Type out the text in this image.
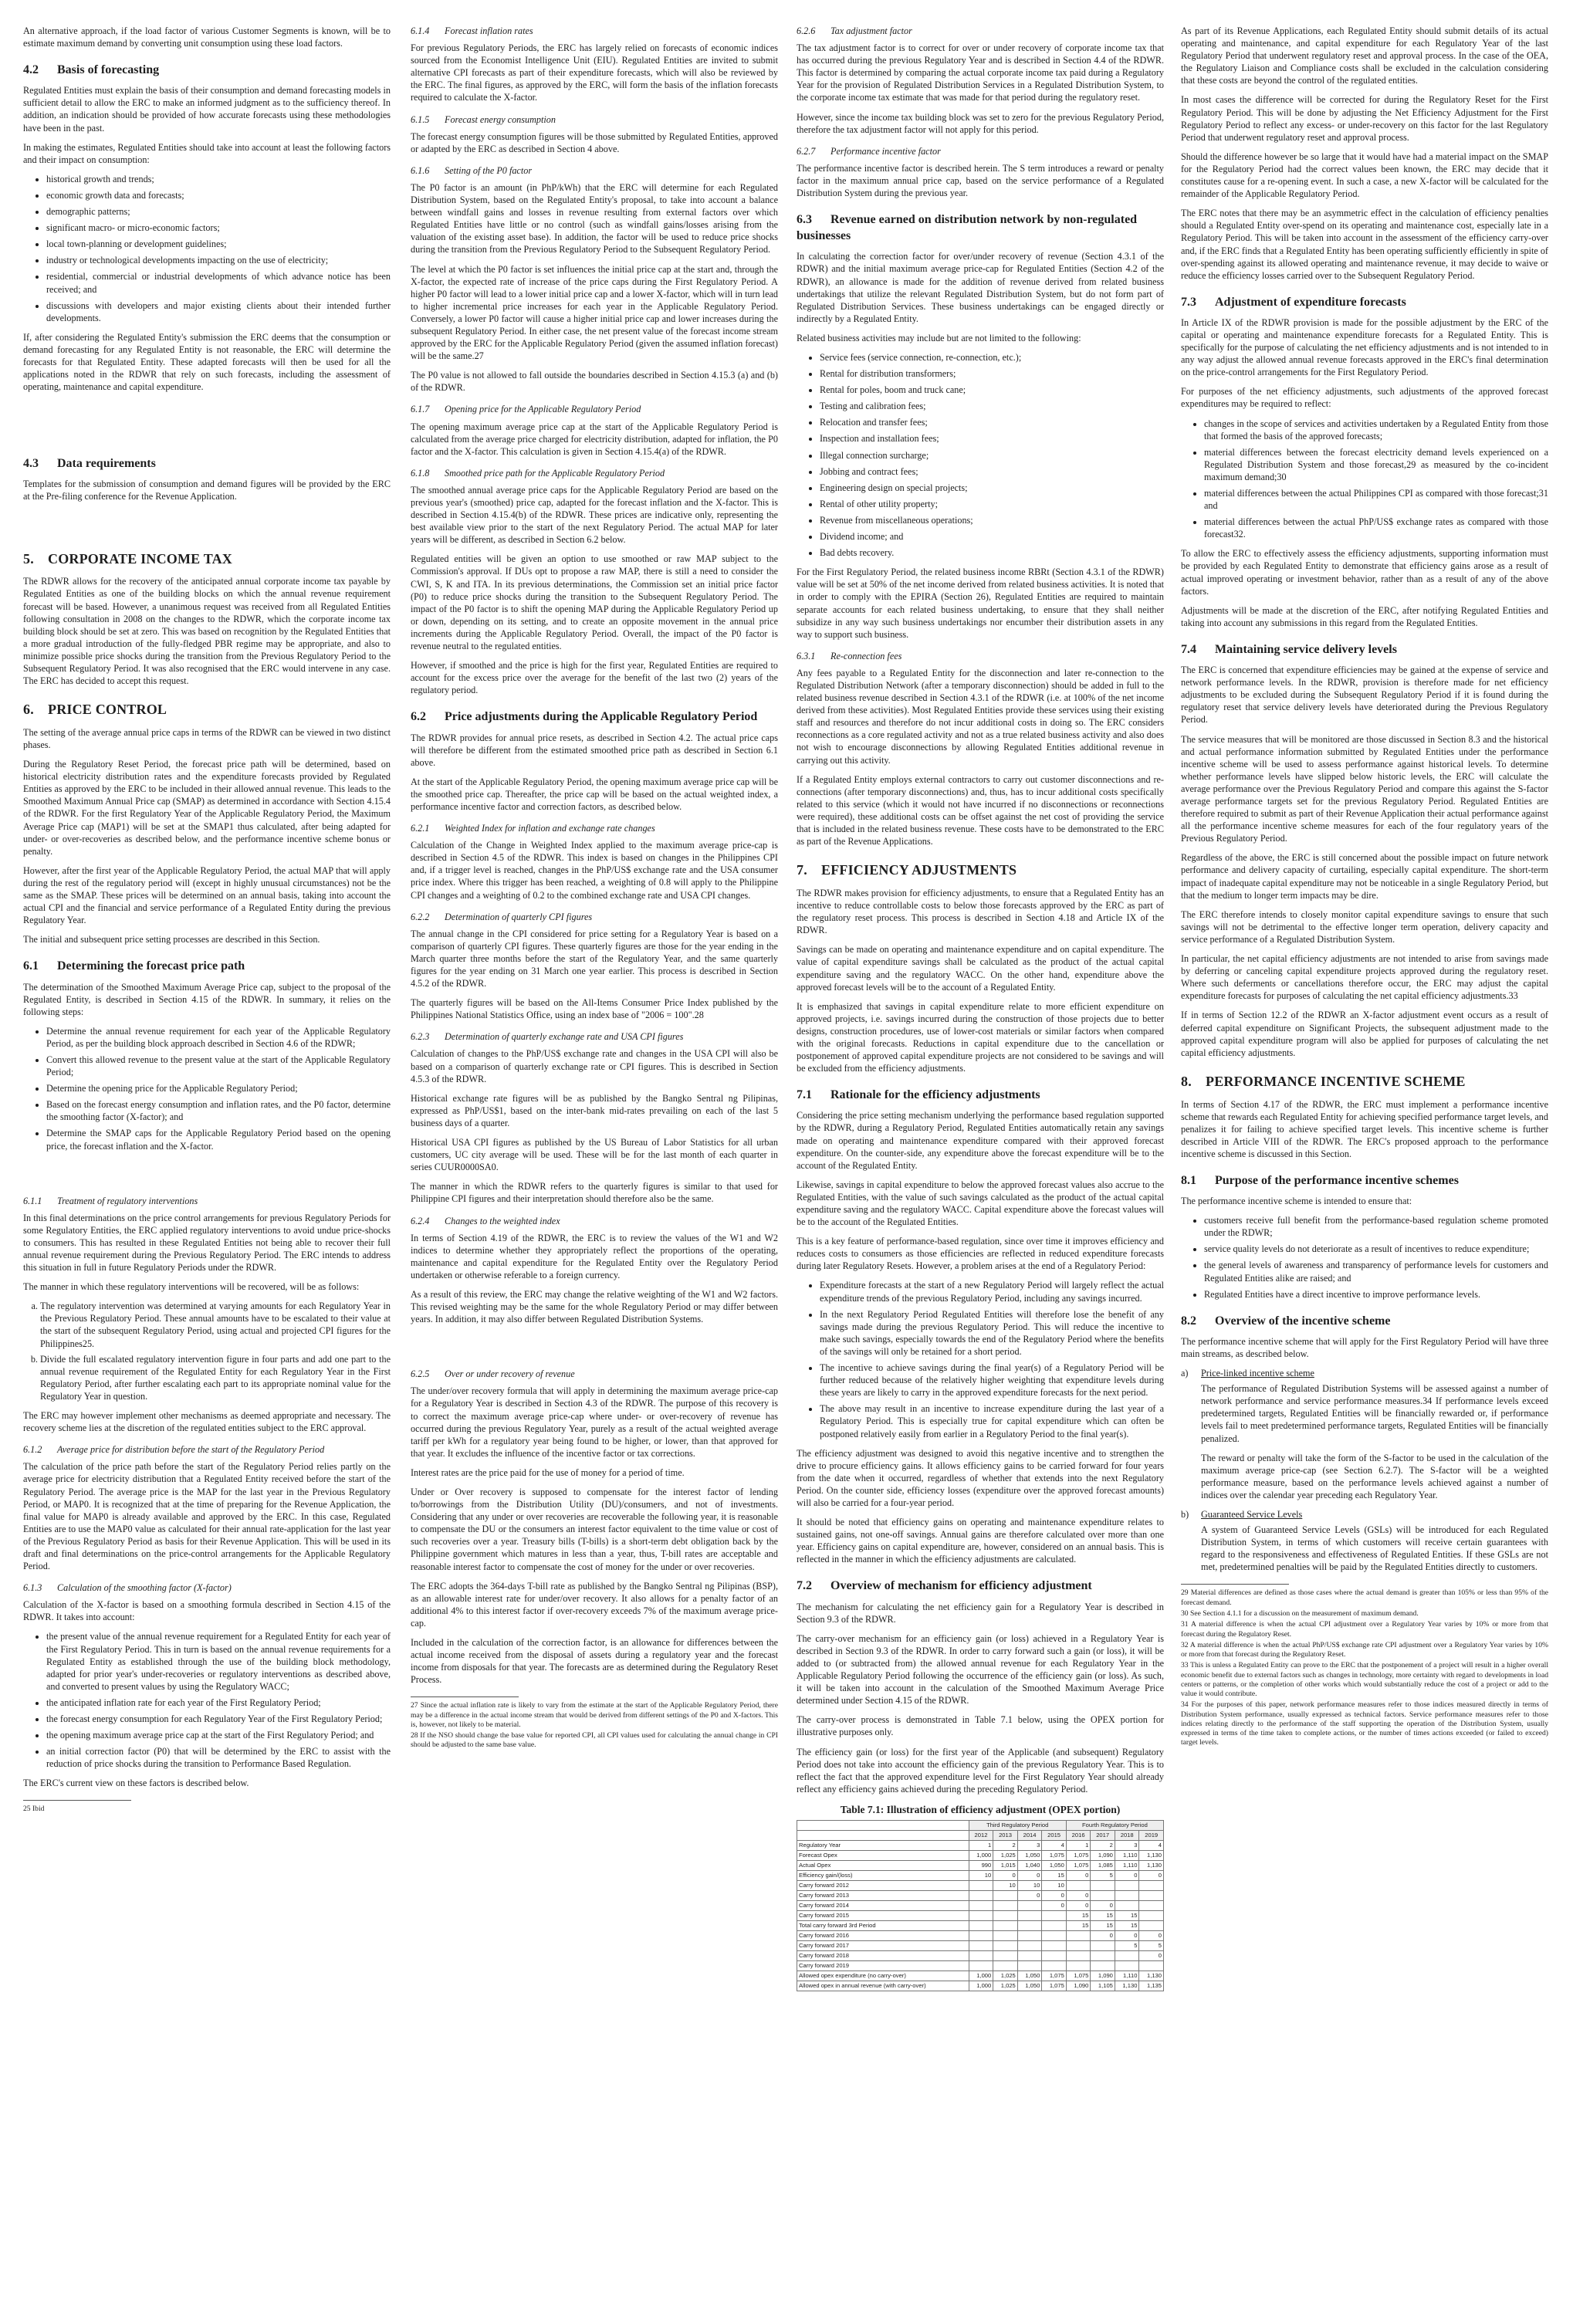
An alternative approach, if the load factor of various Customer Segments is known, will be to estimate maximum demand by converting unit consumption using these load factors.

4.2 Basis of forecasting

Regulated Entities must explain the basis of their consumption and demand forecasting models in sufficient detail to allow the ERC to make an informed judgment as to the sufficiency thereof. In addition, an indication should be provided of how accurate forecasts using these methodologies have been in the past.

In making the estimates, Regulated Entities should take into account at least the following factors and their impact on consumption:

• historical growth and trends;
• economic growth data and forecasts;
• demographic patterns;
• significant macro- or micro-economic factors;
• local town-planning or development guidelines;
• industry or technological developments impacting on the use of electricity;
• residential, commercial or industrial developments of which advance notice has been received; and
• discussions with developers and major existing clients about their intended further developments.

If, after considering the Regulated Entity's submission the ERC deems that the consumption or demand forecasting for any Regulated Entity is not reasonable, the ERC will determine the forecasts for that Regulated Entity. These adapted forecasts will then be used for all the applications noted in the RDWR that rely on such forecasts, including the assessment of operating, maintenance and capital expenditure.

4.3 Data requirements

Templates for the submission of consumption and demand figures will be provided by the ERC at the Pre-filing conference for the Revenue Application.

5. CORPORATE INCOME TAX

The RDWR allows for the recovery of the anticipated annual corporate income tax payable by Regulated Entities as one of the building blocks on which the annual revenue requirement forecast will be based. However, a unanimous request was received from all Regulated Entities following consultation in 2008 on the changes to the RDWR, which the corporate income tax building block should be set at zero. This was based on recognition by the Regulated Entities that a more gradual introduction of the fully-fledged PBR regime may be appropriate, and also to minimize possible price shocks during the transition from the Previous Regulatory Period to the Subsequent Regulatory Period. It was also recognised that the ERC would intervene in any case. The ERC has decided to accept this request.

6. PRICE CONTROL

The setting of the average annual price caps in terms of the RDWR can be viewed in two distinct phases.

During the Regulatory Reset Period, the forecast price path will be determined, based on historical electricity distribution rates and the expenditure forecasts provided by Regulated Entities as approved by the ERC to be included in their allowed annual revenue. This leads to the Smoothed Maximum Annual Price cap (SMAP) as determined in accordance with Section 4.15.4 of the RDWR. For the first Regulatory Year of the Applicable Regulatory Period, the Maximum Average Price cap (MAP1) will be set at the SMAP1 thus calculated, after being adapted for under- or over-recoveries as described below, and the performance incentive scheme bonus or penalty.

However, after the first year of the Applicable Regulatory Period, the actual MAP that will apply during the rest of the regulatory period will (except in highly unusual circumstances) not be the same as the SMAP. These prices will be determined on an annual basis, taking into account the actual CPI and the financial and service performance of a Regulated Entity during the previous Regulatory Year.

The initial and subsequent price setting processes are described in this Section.

6.1 Determining the forecast price path

The determination of the Smoothed Maximum Average Price cap, subject to the proposal of the Regulated Entity, is described in Section 4.15 of the RDWR. In summary, it relies on the following steps:

• Determine the annual revenue requirement for each year of the Applicable Regulatory Period, as per the building block approach described in Section 4.6 of the RDWR;
• Convert this allowed revenue to the present value at the start of the Applicable Regulatory Period;
• Determine the opening price for the Applicable Regulatory Period;
• Based on the forecast energy consumption and inflation rates, and the P0 factor, determine the smoothing factor (X-factor); and
• Determine the SMAP caps for the Applicable Regulatory Period based on the opening price, the forecast inflation and the X-factor.
6.1.1 Treatment of regulatory interventions

In this final determinations on the price control arrangements for previous Regulatory Periods for some Regulatory Entities, the ERC applied regulatory interventions to avoid undue price-shocks to consumers. This has resulted in these Regulated Entities not being able to recover their full annual revenue requirement during the Previous Regulatory Period. The ERC intends to address this situation in full in future Regulatory Periods under the RDWR.

The manner in which these regulatory interventions will be recovered, will be as follows:

a. The regulatory intervention was determined at varying amounts for each Regulatory Year in the Previous Regulatory Period. These annual amounts have to be escalated to their value at the start of the subsequent Regulatory Period, using actual and projected CPI figures for the Philippines25.
b. Divide the full escalated regulatory intervention figure in four parts and add one part to the annual revenue requirement of the Regulated Entity for each Regulatory Year in the First Regulatory Period, after further escalating each part to its appropriate nominal value for the Regulatory Year in question.

The ERC may however implement other mechanisms as deemed appropriate and necessary. The recovery scheme lies at the discretion of the regulated entities subject to the ERC approval.

6.1.2 Average price for distribution before the start of the Regulatory Period

The calculation of the price path before the start of the Regulatory Period relies partly on the average price for electricity distribution that a Regulated Entity received before the start of the Regulatory Period. The average price is the MAP for the last year in the Previous Regulatory Period, or MAP0. It is recognized that at the time of preparing for the Revenue Application, the final value for MAP0 is already available and approved by the ERC. In this case, Regulated Entities are to use the MAP0 value as calculated for their annual rate-application for the last year of the Previous Regulatory Period as basis for their Revenue Application. This will be used in its draft and final determinations on the price-control arrangements for the Applicable Regulatory Period.

6.1.3 Calculation of the smoothing factor (X-factor)

Calculation of the X-factor is based on a smoothing formula described in Section 4.15 of the RDWR. It takes into account:

• the present value of the annual revenue requirement for a Regulated Entity for each year of the First Regulatory Period. This in turn is based on the annual revenue requirements for a Regulated Entity as established through the use of the building block methodology, adapted for prior year's under-recoveries or regulatory interventions as described above, and converted to present values by using the Regulatory WACC;
• the anticipated inflation rate for each year of the First Regulatory Period;
• the forecast energy consumption for each Regulatory Year of the First Regulatory Period;
• the opening maximum average price cap at the start of the First Regulatory Period; and
• an initial correction factor (P0) that will be determined by the ERC to assist with the reduction of price shocks during the transition to Performance Based Regulation.

The ERC's current view on these factors is described below.

25 Ibid
6.1.4 Forecast inflation rates

For previous Regulatory Periods, the ERC has largely relied on forecasts of economic indices sourced from the Economist Intelligence Unit (EIU). Regulated Entities are invited to submit alternative CPI forecasts as part of their expenditure forecasts, which will also be reviewed by the ERC. The final figures, as approved by the ERC, will form the basis of the inflation forecasts required to calculate the X-factor.

6.1.5 Forecast energy consumption

The forecast energy consumption figures will be those submitted by Regulated Entities, approved or adapted by the ERC as described in Section 4 above.

6.1.6 Setting of the P0 factor

The P0 factor is an amount (in PhP/kWh) that the ERC will determine for each Regulated Distribution System, based on the Regulated Entity's proposal, to take into account a balance between windfall gains and losses in revenue resulting from external factors over which Regulated Entities have little or no control (such as windfall gains/losses arising from the valuation of the existing asset base). In addition, the factor will be used to reduce price shocks during the transition from the Previous Regulatory Period to the Subsequent Regulatory Period.

The level at which the P0 factor is set influences the initial price cap at the start and, through the X-factor, the expected rate of increase of the price caps during the First Regulatory Period. A higher P0 factor will lead to a lower initial price cap and a lower X-factor, which will in turn lead to higher incremental price increases for each year in the Applicable Regulatory Period. Conversely, a lower P0 factor will cause a higher initial price cap and lower increases during the subsequent Regulatory Period. In either case, the net present value of the forecast income stream approved by the ERC for the Applicable Regulatory Period (given the assumed inflation forecast) will be the same.27

The P0 value is not allowed to fall outside the boundaries described in Section 4.15.3 (a) and (b) of the RDWR.

6.1.7 Opening price for the Applicable Regulatory Period

The opening maximum average price cap at the start of the Applicable Regulatory Period is calculated from the average price charged for electricity distribution, adapted for inflation, the P0 factor and the X-factor. This calculation is given in Section 4.15.4(a) of the RDWR.

6.1.8 Smoothed price path for the Applicable Regulatory Period

The smoothed annual average price caps for the Applicable Regulatory Period are based on the previous year's (smoothed) price cap, adapted for the forecast inflation and the X-factor. This is described in Section 4.15.4(b) of the RDWR. These prices are indicative only, representing the best available view prior to the start of the next Regulatory Period. The actual MAP for later years will be different, as described in Section 6.2 below.

Regulated entities will be given an option to use smoothed or raw MAP subject to the Commission's approval. If DUs opt to propose a raw MAP, there is still a need to consider the CWI, S, K and ITA. In its previous determinations, the Commission set an initial price factor (P0) to reduce price shocks during the transition to the Subsequent Regulatory Period. The impact of the P0 factor is to shift the opening MAP during the Applicable Regulatory Period up or down, depending on its setting, and to create an opposite movement in the annual price increments during the Applicable Regulatory Period. Overall, the impact of the P0 factor is revenue neutral to the regulated entities.

However, if smoothed and the price is high for the first year, Regulated Entities are required to account for the excess price over the average for the benefit of the last two (2) years of the regulatory period.

6.2 Price adjustments during the Applicable Regulatory Period

The RDWR provides for annual price resets, as described in Section 4.2. The actual price caps will therefore be different from the estimated smoothed price path as described in Section 6.1 above.

At the start of the Applicable Regulatory Period, the opening maximum average price cap will be the smoothed price cap. Thereafter, the price cap will be based on the actual weighted index, a performance incentive factor and correction factors, as described below.

6.2.1 Weighted Index for inflation and exchange rate changes

Calculation of the Change in Weighted Index applied to the maximum average price-cap is described in Section 4.5 of the RDWR. This index is based on changes in the Philippines CPI and, if a trigger level is reached, changes in the PhP/US$ exchange rate and the USA consumer price index. Where this trigger has been reached, a weighting of 0.8 will apply to the Philippine CPI changes and a weighting of 0.2 to the combined exchange rate and USA CPI changes.

6.2.2 Determination of quarterly CPI figures

The annual change in the CPI considered for price setting for a Regulatory Year is based on a comparison of quarterly CPI figures. These quarterly figures are those for the year ending in the March quarter three months before the start of the Regulatory Year, and the same quarterly figures for the year ending on 31 March one year earlier. This process is described in Section 4.5.2 of the RDWR.

The quarterly figures will be based on the All-Items Consumer Price Index published by the Philippines National Statistics Office, using an index base of "2006 = 100".28

6.2.3 Determination of quarterly exchange rate and USA CPI figures

Calculation of changes to the PhP/US$ exchange rate and changes in the USA CPI will also be based on a comparison of quarterly exchange rate or CPI figures. This is described in Section 4.5.3 of the RDWR.

Historical exchange rate figures will be as published by the Bangko Sentral ng Pilipinas, expressed as PhP/US$1, based on the inter-bank mid-rates prevailing on each of the last 5 business days of a quarter.

Historical USA CPI figures as published by the US Bureau of Labor Statistics for all urban customers, UC city average will be used. These will be for the last month of each quarter in series CUUR0000SA0.

The manner in which the RDWR refers to the quarterly figures is similar to that used for Philippine CPI figures and their interpretation should therefore also be the same.

6.2.4 Changes to the weighted index

In terms of Section 4.19 of the RDWR, the ERC is to review the values of the W1 and W2 indices to determine whether they appropriately reflect the proportions of the operating, maintenance and capital expenditure for the Regulated Entity over the Regulatory Period undertaken or otherwise referable to a foreign currency.

As a result of this review, the ERC may change the relative weighting of the W1 and W2 factors. This revised weighting may be the same for the whole Regulatory Period or may differ between years. In addition, it may also differ between Regulated Distribution Systems.

6.2.5 Over or under recovery of revenue

The under/over recovery formula that will apply in determining the maximum average price-cap for a Regulatory Year is described in Section 4.3 of the RDWR. The purpose of this recovery is to correct the maximum average price-cap where under- or over-recovery of revenue has occurred during the previous Regulatory Year, purely as a result of the actual weighted average tariff per kWh for a regulatory year being found to be higher, or lower, than that approved for that year. It excludes the influence of the incentive factor or tax corrections.

Interest rates are the price paid for the use of money for a period of time.

Under or Over recovery is supposed to compensate for the interest factor of lending to/borrowings from the Distribution Utility (DU)/consumers, and not of investments. Considering that any under or over recoveries are recoverable the following year, it is reasonable to compensate the DU or the consumers an interest factor equivalent to the time value or cost of such recoveries over a year. Treasury bills (T-bills) is a short-term debt obligation back by the Philippine government which matures in less than a year, thus, T-bill rates are acceptable and reasonable interest factor to compensate the cost of money for the under or over recoveries.

The ERC adopts the 364-days T-bill rate as published by the Bangko Sentral ng Pilipinas (BSP), as an allowable interest rate for under/over recovery. It also allows for a penalty factor of an additional 4% to this interest factor if over-recovery exceeds 7% of the maximum average price-cap.

Included in the calculation of the correction factor, is an allowance for differences between the actual income received from the disposal of assets during a regulatory year and the forecast income from disposals for that year. The forecasts are as determined during the Regulatory Reset Process.

27 Since the actual inflation rate is likely to vary from the estimate at the start of the Applicable Regulatory Period, there may be a difference in the actual income stream that would be derived from different settings of the P0 and X-factors. This is, however, not likely to be material.
28 If the NSO should change the base value for reported CPI, all CPI values used for calculating the annual change in CPI should be adjusted to the same base value.
6.2.6 Tax adjustment factor

The tax adjustment factor is to correct for over or under recovery of corporate income tax that has occurred during the previous Regulatory Year and is described in Section 4.4 of the RDWR. This factor is determined by comparing the actual corporate income tax paid during a Regulatory Year for the provision of Regulated Distribution Services in a Regulated Distribution System, to the corporate income tax estimate that was made for that period during the regulatory reset.

However, since the income tax building block was set to zero for the previous Regulatory Period, therefore the tax adjustment factor will not apply for this period.

6.2.7 Performance incentive factor

The performance incentive factor is described herein. The S term introduces a reward or penalty factor in the maximum annual price cap, based on the service performance of a Regulated Distribution System during the previous year.

6.3 Revenue earned on distribution network by non-regulated businesses

In calculating the correction factor for over/under recovery of revenue (Section 4.3.1 of the RDWR) and the initial maximum average price-cap for Regulated Entities (Section 4.2 of the RDWR), an allowance is made for the addition of revenue derived from related business undertakings that utilize the relevant Regulated Distribution System, but do not form part of Regulated Distribution Services. These business undertakings can be engaged directly or indirectly by a Regulated Entity.

Related business activities may include but are not limited to the following:

• Service fees (service connection, re-connection, etc.);
• Rental for distribution transformers;
• Rental for poles, boom and truck cane;
• Testing and calibration fees;
• Relocation and transfer fees;
• Inspection and installation fees;
• Illegal connection surcharge;
• Jobbing and contract fees;
• Engineering design on special projects;
• Rental of other utility property;
• Revenue from miscellaneous operations;
• Dividend income; and
• Bad debts recovery.

For the First Regulatory Period, the related business income RBRt (Section 4.3.1 of the RDWR) value will be set at 50% of the net income derived from related business activities. It is noted that in order to comply with the EPIRA (Section 26), Regulated Entities are required to maintain separate accounts for each related business undertaking, to ensure that they shall neither subsidize in any way such business undertakings nor encumber their distribution assets in any way to support such business.

6.3.1 Re-connection fees

Any fees payable to a Regulated Entity for the disconnection and later re-connection to the Regulated Distribution Network (after a temporary disconnection) should be added in full to the related business revenue described in Section 4.3.1 of the RDWR (i.e. at 100% of the net income derived from these activities). Most Regulated Entities provide these services using their existing staff and resources and therefore do not incur additional costs in doing so. The ERC considers reconnections as a core regulated activity and not as a true related business activity and also does not wish to encourage disconnections by allowing Regulated Entities additional revenue in carrying out this activity.

If a Regulated Entity employs external contractors to carry out customer disconnections and re-connections (after temporary disconnections) and, thus, has to incur additional costs specifically related to this service (which it would not have incurred if no disconnections or reconnections were required), these additional costs can be offset against the net cost of providing the service that is included in the related business revenue. These costs have to be demonstrated to the ERC as part of the Revenue Applications.

7. EFFICIENCY ADJUSTMENTS

The RDWR makes provision for efficiency adjustments, to ensure that a Regulated Entity has an incentive to reduce controllable costs to below those forecasts approved by the ERC as part of the regulatory reset process. This process is described in Section 4.18 and Article IX of the RDWR.

Savings can be made on operating and maintenance expenditure and on capital expenditure. The value of capital expenditure savings shall be calculated as the product of the actual capital expenditure saving and the regulatory WACC. On the other hand, expenditure above the approved forecast levels will be to the account of a Regulated Entity.

It is emphasized that savings in capital expenditure relate to more efficient expenditure on approved projects, i.e. savings incurred during the construction of those projects due to better designs, construction procedures, use of lower-cost materials or similar factors when compared with the original forecasts. Reductions in capital expenditure due to the cancellation or postponement of approved capital expenditure projects are not considered to be savings and will be excluded from the efficiency adjustments.

7.1 Rationale for the efficiency adjustments

Considering the price setting mechanism underlying the performance based regulation supported by the RDWR, during a Regulatory Period, Regulated Entities automatically retain any savings made on operating and maintenance expenditure compared with their approved forecast expenditure. On the counter-side, any expenditure above the forecast expenditure will be to the account of the Regulated Entity.

Likewise, savings in capital expenditure to below the approved forecast values also accrue to the Regulated Entities, with the value of such savings calculated as the product of the actual capital expenditure saving and the regulatory WACC. Capital expenditure above the forecast values will be to the account of the Regulated Entities.

This is a key feature of performance-based regulation, since over time it improves efficiency and reduces costs to consumers as those efficiencies are reflected in reduced expenditure forecasts during later Regulatory Resets. However, a problem arises at the end of a Regulatory Period:

• Expenditure forecasts at the start of a new Regulatory Period will largely reflect the actual expenditure trends of the previous Regulatory Period, including any savings incurred.
• In the next Regulatory Period Regulated Entities will therefore lose the benefit of any savings made during the previous Regulatory Period. This will reduce the incentive to make such savings, especially towards the end of the Regulatory Period where the benefits of the savings will only be retained for a short period.
• The incentive to achieve savings during the final year(s) of a Regulatory Period will be further reduced because of the relatively higher weighting that expenditure levels during these years are likely to carry in the approved expenditure forecasts for the next period.
• The above may result in an incentive to increase expenditure during the last year of a Regulatory Period. This is especially true for capital expenditure which can often be postponed relatively easily from earlier in a Regulatory Period to the final year(s).

The efficiency adjustment was designed to avoid this negative incentive and to strengthen the drive to procure efficiency gains. It allows efficiency gains to be carried forward for four years from the date when it occurred, regardless of whether that extends into the next Regulatory Period. On the counter side, efficiency losses (expenditure over the approved forecast amounts) will also be carried for a four-year period.

It should be noted that efficiency gains on operating and maintenance expenditure relates to sustained gains, not one-off savings. Annual gains are therefore calculated over more than one year. Efficiency gains on capital expenditure are, however, considered on an annual basis. This is reflected in the manner in which the efficiency adjustments are calculated.

7.2 Overview of mechanism for efficiency adjustment

The mechanism for calculating the net efficiency gain for a Regulatory Year is described in Section 9.3 of the RDWR.

The carry-over mechanism for an efficiency gain (or loss) achieved in a Regulatory Year is described in Section 9.3 of the RDWR. In order to carry forward such a gain (or loss), it will be added to (or subtracted from) the allowed annual revenue for each Regulatory Year in the Applicable Regulatory Period following the occurrence of the efficiency gain (or loss). As such, it will be taken into account in the calculation of the Smoothed Maximum Average Price determined under Section 4.15 of the RDWR.

The carry-over process is demonstrated in Table 7.1 below, using the OPEX portion for illustrative purposes only.

The efficiency gain (or loss) for the first year of the Applicable (and subsequent) Regulatory Period does not take into account the efficiency gain of the previous Regulatory Year. This is to reflect the fact that the approved expenditure level for the First Regulatory Year should already reflect any efficiency gains achieved during the preceding Regulatory Period.

Table 7.1: Illustration of efficiency adjustment (OPEX portion)
	Third Regulatory Period				Fourth Regulatory Period			
	2012	2013	2014	2015	2016	2017	2018	2019
Regulatory Year	1	2	3	4	1	2	3	4
Forecast Opex	1,000	1,025	1,050	1,075	1,075	1,090	1,110	1,130
Actual Opex	990	1,015	1,040	1,050	1,075	1,085	1,110	1,130
Efficiency gain/(loss)	10	0	0	15	0	5	0	0
Carry forward 2012		10	10	10				
Carry forward 2013			0	0	0			
Carry forward 2014				0	0	0		
Carry forward 2015					15	15	15	
Total carry forward 3rd Period					15	15	15	
Carry forward 2016						0	0	0
Carry forward 2017							5	5
Carry forward 2018								0
Carry forward 2019								
Allowed opex expenditure (no carry-over)	1,000	1,025	1,050	1,075	1,075	1,090	1,110	1,130
Allowed opex in annual revenue (with carry-over)	1,000	1,025	1,050	1,075	1,090	1,105	1,130	1,135

As part of its Revenue Applications, each Regulated Entity should submit details of its actual operating and maintenance, and capital expenditure for each Regulatory Year of the last Regulatory Period that underwent regulatory reset and approval process. In the case of the OEA, the Regulatory Liaison and Compliance costs shall be excluded in the calculation considering that these costs are beyond the control of the regulated entities.

In most cases the difference will be corrected for during the Regulatory Reset for the First Regulatory Period. This will be done by adjusting the Net Efficiency Adjustment for the First Regulatory Period to reflect any excess- or under-recovery on this factor for the last Regulatory Period that underwent regulatory reset and approval process.

Should the difference however be so large that it would have had a material impact on the SMAP for the Regulatory Period had the correct values been known, the ERC may decide that it constitutes cause for a re-opening event. In such a case, a new X-factor will be calculated for the remainder of the Applicable Regulatory Period.

The ERC notes that there may be an asymmetric effect in the calculation of efficiency penalties should a Regulated Entity over-spend on its operating and maintenance cost, especially late in a Regulatory Period. This will be taken into account in the assessment of the efficiency carry-over and, if the ERC finds that a Regulated Entity has been operating sufficiently efficiently in spite of over-spending against its allowed operating and maintenance revenue, it may decide to waive or reduce the efficiency losses carried over to the Subsequent Regulatory Period.

7.3 Adjustment of expenditure forecasts

In Article IX of the RDWR provision is made for the possible adjustment by the ERC of the capital or operating and maintenance expenditure forecasts for a Regulated Entity. This is specifically for the purpose of calculating the net efficiency adjustments and is not intended to in any way adjust the allowed annual revenue forecasts approved in the ERC's final determination on the price-control arrangements for the First Regulatory Period.

For purposes of the net efficiency adjustments, such adjustments of the approved forecast expenditures may be required to reflect:

• changes in the scope of services and activities undertaken by a Regulated Entity from those that formed the basis of the approved forecasts;
• material differences between the forecast electricity demand levels experienced on a Regulated Distribution System and those forecast,29 as measured by the co-incident maximum demand;30
• material differences between the actual Philippines CPI as compared with those forecast;31 and
• material differences between the actual PhP/US$ exchange rates as compared with those forecast32.

To allow the ERC to effectively assess the efficiency adjustments, supporting information must be provided by each Regulated Entity to demonstrate that efficiency gains arose as a result of actual improved operating or investment behavior, rather than as a result of any of the above factors.

Adjustments will be made at the discretion of the ERC, after notifying Regulated Entities and taking into account any submissions in this regard from the Regulated Entities.

7.4 Maintaining service delivery levels

The ERC is concerned that expenditure efficiencies may be gained at the expense of service and network performance levels. In the RDWR, provision is therefore made for net efficiency adjustments to be excluded during the Subsequent Regulatory Period if it is found during the regulatory reset that service delivery levels have deteriorated during the Previous Regulatory Period.

The service measures that will be monitored are those discussed in Section 8.3 and the historical and actual performance information submitted by Regulated Entities under the performance incentive scheme will be used to assess performance against historical levels. To determine whether performance levels have slipped below historic levels, the ERC will calculate the average performance over the Previous Regulatory Period and compare this against the S-factor average performance targets set for the previous Regulatory Period. Regulated Entities are therefore required to submit as part of their Revenue Application their actual performance against all the performance incentive scheme measures for each of the four regulatory years of the Previous Regulatory Period.

Regardless of the above, the ERC is still concerned about the possible impact on future network performance and delivery capacity of curtailing, especially capital expenditure. The short-term impact of inadequate capital expenditure may not be noticeable in a single Regulatory Period, but that the medium to longer term impacts may be dire.

The ERC therefore intends to closely monitor capital expenditure savings to ensure that such savings will not be detrimental to the effective longer term operation, delivery capacity and service performance of a Regulated Distribution System.

In particular, the net capital efficiency adjustments are not intended to arise from savings made by deferring or canceling capital expenditure projects approved during the regulatory reset. Where such deferments or cancellations therefore occur, the ERC may adjust the capital expenditure forecasts for purposes of calculating the net capital efficiency adjustments.33

If in terms of Section 12.2 of the RDWR an X-factor adjustment event occurs as a result of deferred capital expenditure on Significant Projects, the subsequent adjustment made to the approved capital expenditure program will also be applied for purposes of calculating the net capital efficiency adjustments.

8. PERFORMANCE INCENTIVE SCHEME

In terms of Section 4.17 of the RDWR, the ERC must implement a performance incentive scheme that rewards each Regulated Entity for achieving specified performance target levels, and penalizes it for failing to achieve specified target levels. This incentive scheme is further described in Article VIII of the RDWR. The ERC's proposed approach to the performance incentive scheme is discussed in this Section.

8.1 Purpose of the performance incentive schemes

The performance incentive scheme is intended to ensure that:

• customers receive full benefit from the performance-based regulation scheme promoted under the RDWR;
• service quality levels do not deteriorate as a result of incentives to reduce expenditure;
• the general levels of awareness and transparency of performance levels for customers and Regulated Entities alike are raised; and
• Regulated Entities have a direct incentive to improve performance levels.
8.2 Overview of the incentive scheme

The performance incentive scheme that will apply for the First Regulatory Period will have three main streams, as described below.

a) Price-linked incentive scheme

The performance of Regulated Distribution Systems will be assessed against a number of network performance and service performance measures.34 If performance levels exceed predetermined targets, Regulated Entities will be financially rewarded or, if performance levels fail to meet predetermined performance targets, Regulated Entities will be financially penalized.

The reward or penalty will take the form of the S-factor to be used in the calculation of the maximum average price-cap (see Section 6.2.7). The S-factor will be a weighted performance measure, based on the performance levels achieved against a number of indices over the calendar year preceding each Regulatory Year.

b) Guaranteed Service Levels

A system of Guaranteed Service Levels (GSLs) will be introduced for each Regulated Distribution System, in terms of which customers will receive certain guarantees with regard to the responsiveness and effectiveness of Regulated Entities. If these GSLs are not met, predetermined penalties will be paid by the Regulated Entities directly to customers.

29 Material differences are defined as those cases where the actual demand is greater than 105% or less than 95% of the forecast demand.
30 See Section 4.1.1 for a discussion on the measurement of maximum demand.
31 A material difference is when the actual CPI adjustment over a Regulatory Year varies by 10% or more from that forecast during the Regulatory Reset.
32 A material difference is when the actual PhP/US$ exchange rate CPI adjustment over a Regulatory Year varies by 10% or more from that forecast during the Regulatory Reset.
33 This is unless a Regulated Entity can prove to the ERC that the postponement of a project will result in a higher overall economic benefit due to external factors such as changes in technology, more certainty with regard to developments in load centers or patterns, or the completion of other works which would substantially reduce the cost of a project or add to the value it would contribute.
34 For the purposes of this paper, network performance measures refer to those indices measured directly in terms of Distribution System performance, usually expressed as technical factors. Service performance measures refer to those indices relating directly to the performance of the staff supporting the operation of the Distribution System, usually expressed in terms of the time taken to complete actions, or the number of times actions exceeded (or failed to exceed) target levels.
